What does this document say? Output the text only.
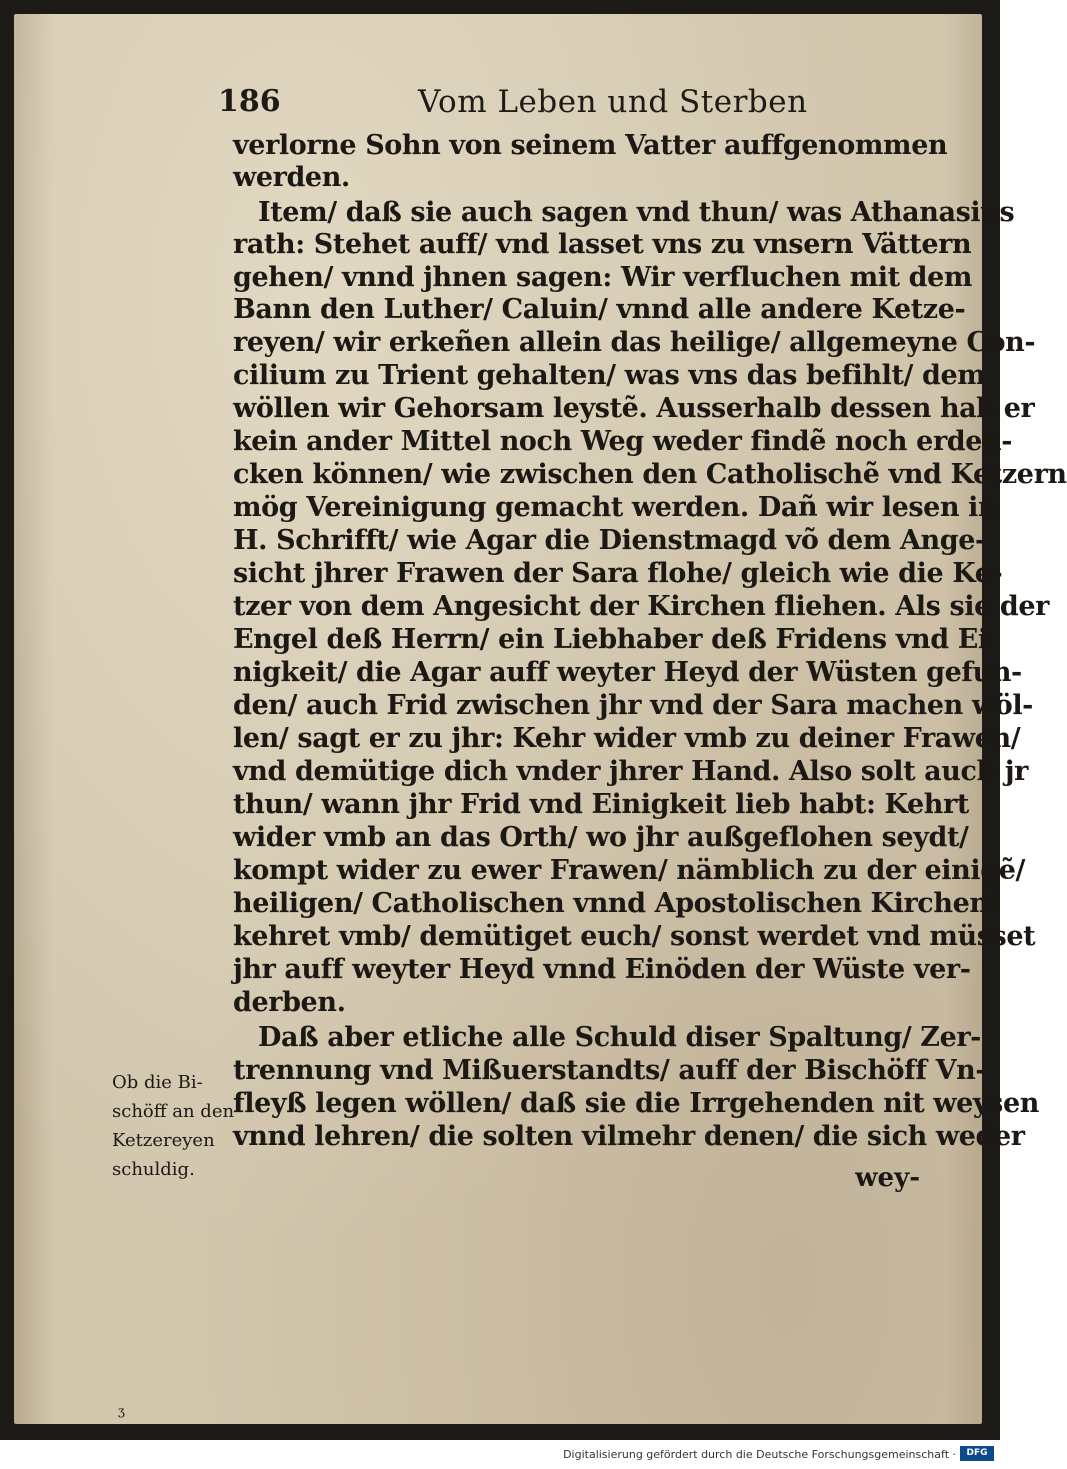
186	Vom Leben und Sterben
verlorne Sohn von seinem Vatter auffgenommen
werden.
Item/ daß sie auch sagen vnd thun/ was Athanasius
rath: Stehet auff/ vnd lasset vns zu vnsern Vättern
gehen/ vnnd jhnen sagen: Wir verfluchen mit dem
Bann den Luther/ Caluin/ vnnd alle andere Ketze-
reyen/ wir erkeñen allein das heilige/ allgemeyne Con-
cilium zu Trient gehalten/ was vns das befihlt/ dem
wöllen wir Gehorsam leystẽ. Ausserhalb dessen hab er
kein ander Mittel noch Weg weder findẽ noch erden-
cken können/ wie zwischen den Catholischẽ vnd Ketzern
mög Vereinigung gemacht werden. Dañ wir lesen in
H. Schrifft/ wie Agar die Dienstmagd võ dem Ange-
sicht jhrer Frawen der Sara flohe/ gleich wie die Ke-
tzer von dem Angesicht der Kirchen fliehen. Als sie der
Engel deß Herrn/ ein Liebhaber deß Fridens vnd Ei-
nigkeit/ die Agar auff weyter Heyd der Wüsten gefun-
den/ auch Frid zwischen jhr vnd der Sara machen wöl-
len/ sagt er zu jhr: Kehr wider vmb zu deiner Frawen/
vnd demütige dich vnder jhrer Hand. Also solt auch jr
thun/ wann jhr Frid vnd Einigkeit lieb habt: Kehrt
wider vmb an das Orth/ wo jhr außgeflohen seydt/
kompt wider zu ewer Frawen/ nämblich zu der einigẽ/
heiligen/ Catholischen vnnd Apostolischen Kirchen/
kehret vmb/ demütiget euch/ sonst werdet vnd müsset
jhr auff weyter Heyd vnnd Einöden der Wüste ver-
derben.
Daß aber etliche alle Schuld diser Spaltung/ Zer-
trennung vnd Mißuerstandts/ auff der Bischöff Vn-
fleyß legen wöllen/ daß sie die Irrgehenden nit weysen
vnnd lehren/ die solten vilmehr denen/ die sich weder
wey-
Ob die Bi-
schöff an den
Ketzereyen
schuldig.
ʒ
Digitalisierung gefördert durch die Deutsche Forschungsgemeinschaft ·	DFG
